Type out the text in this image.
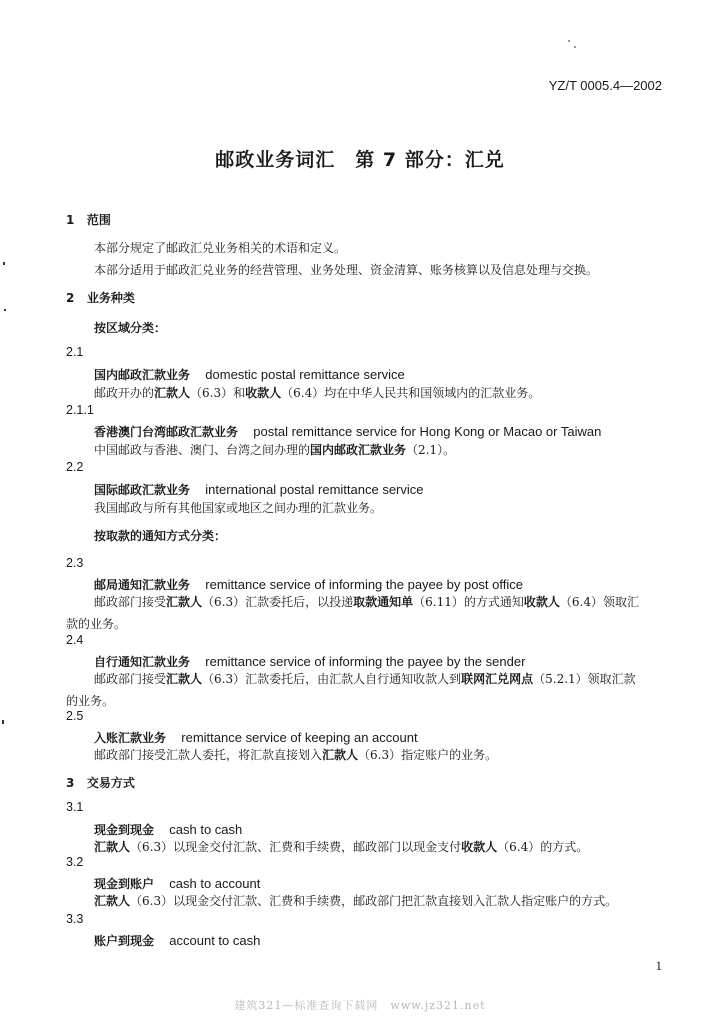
YZ/T 0005.4—2002
邮政业务词汇　第 7 部分：汇兑
1 范围
本部分规定了邮政汇兑业务相关的术语和定义。
本部分适用于邮政汇兑业务的经营管理、业务处理、资金清算、账务核算以及信息处理与交换。
2 业务种类
按区域分类：
2.1
国内邮政汇款业务 domestic postal remittance service
邮政开办的汇款人（6.3）和收款人（6.4）均在中华人民共和国领域内的汇款业务。
2.1.1
香港澳门台湾邮政汇款业务 postal remittance service for Hong Kong or Macao or Taiwan
中国邮政与香港、澳门、台湾之间办理的国内邮政汇款业务（2.1）。
2.2
国际邮政汇款业务 international postal remittance service
我国邮政与所有其他国家或地区之间办理的汇款业务。
按取款的通知方式分类：
2.3
邮局通知汇款业务 remittance service of informing the payee by post office
邮政部门接受汇款人（6.3）汇款委托后，以投递取款通知单（6.11）的方式通知收款人（6.4）领取汇款的业务。
2.4
自行通知汇款业务 remittance service of informing the payee by the sender
邮政部门接受汇款人（6.3）汇款委托后，由汇款人自行通知收款人到联网汇兑网点（5.2.1）领取汇款的业务。
2.5
入账汇款业务 remittance service of keeping an account
邮政部门接受汇款人委托，将汇款直接划入汇款人（6.3）指定账户的业务。
3 交易方式
3.1
现金到现金 cash to cash
汇款人（6.3）以现金交付汇款、汇费和手续费，邮政部门以现金支付收款人（6.4）的方式。
3.2
现金到账户 cash to account
汇款人（6.3）以现金交付汇款、汇费和手续费，邮政部门把汇款直接划入汇款人指定账户的方式。
3.3
账户到现金 account to cash
1
建筑321—标准查询下载网　www.jz321.net
